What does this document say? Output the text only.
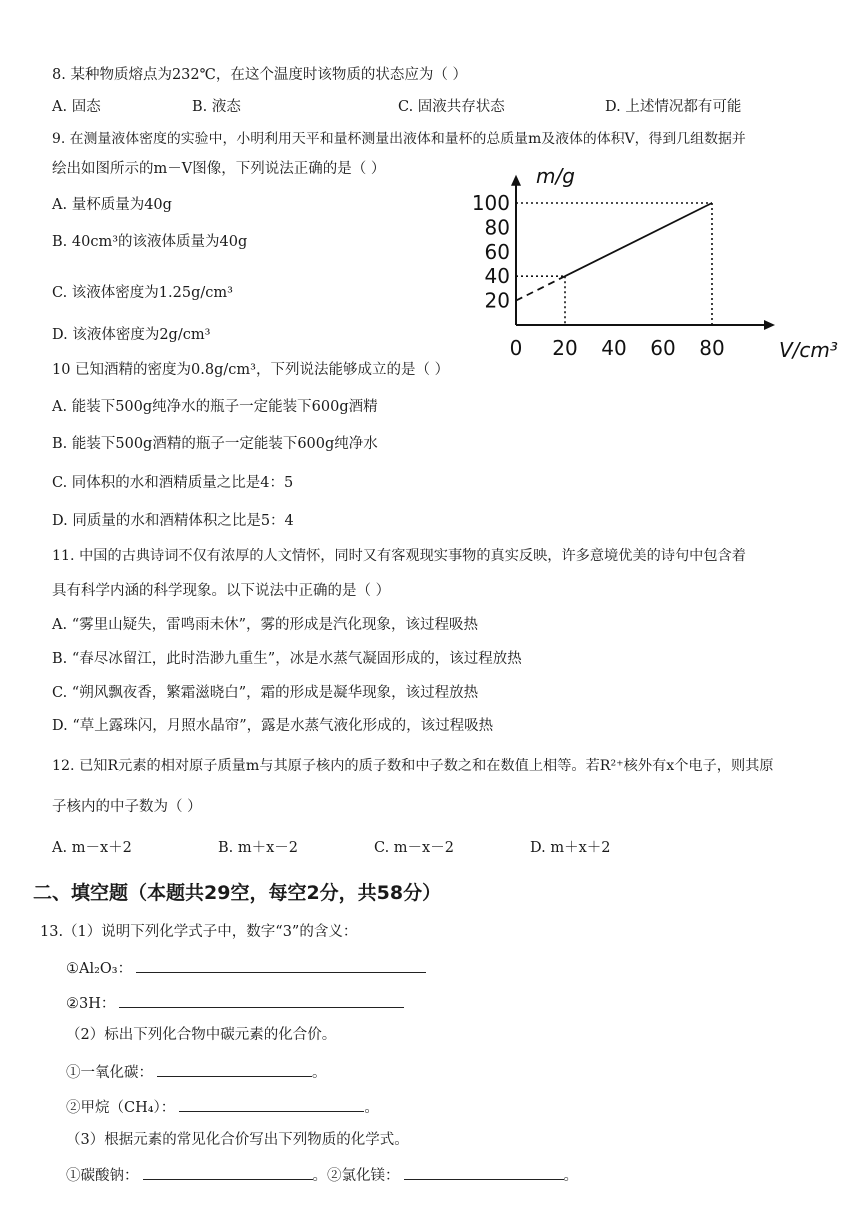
8. 某种物质熔点为232℃，在这个温度时该物质的状态应为（ ）
A. 固态	B. 液态	C. 固液共存状态	D. 上述情况都有可能
9. 在测量液体密度的实验中，小明利用天平和量杯测量出液体和量杯的总质量m及液体的体积V，得到几组数据并
绘出如图所示的m－V图像，下列说法正确的是（ ）
A. 量杯质量为40g
B. 40cm³的该液体质量为40g
C. 该液体密度为1.25g/cm³
D. 该液体密度为2g/cm³
m/g
V/cm³
20
40
60
80
100
0 20 40 60 80
10 已知酒精的密度为0.8g/cm³，下列说法能够成立的是（ ）
A. 能装下500g纯净水的瓶子一定能装下600g酒精
B. 能装下500g酒精的瓶子一定能装下600g纯净水
C. 同体积的水和酒精质量之比是4：5
D. 同质量的水和酒精体积之比是5：4
11. 中国的古典诗词不仅有浓厚的人文情怀，同时又有客观现实事物的真实反映，许多意境优美的诗句中包含着
具有科学内涵的科学现象。以下说法中正确的是（ ）
A. “雾里山疑失，雷鸣雨未休”，雾的形成是汽化现象，该过程吸热
B. “春尽冰留江，此时浩渺九重生”，冰是水蒸气凝固形成的，该过程放热
C. “朔风飘夜香，繁霜滋晓白”，霜的形成是凝华现象，该过程放热
D. “草上露珠闪，月照水晶帘”，露是水蒸气液化形成的，该过程吸热
12. 已知R元素的相对原子质量m与其原子核内的质子数和中子数之和在数值上相等。若R²⁺核外有x个电子，则其原
子核内的中子数为（ ）
A. m－x＋2	B. m＋x－2	C. m－x－2	D. m＋x＋2
二、填空题（本题共29空，每空2分，共58分）
13.（1）说明下列化学式子中，数字“3”的含义：
①Al₂O₃：
②3H：
（2）标出下列化合物中碳元素的化合价。
①一氧化碳：	。
②甲烷（CH₄）：	。
（3）根据元素的常见化合价写出下列物质的化学式。
①碳酸钠：	。②氯化镁：	。
